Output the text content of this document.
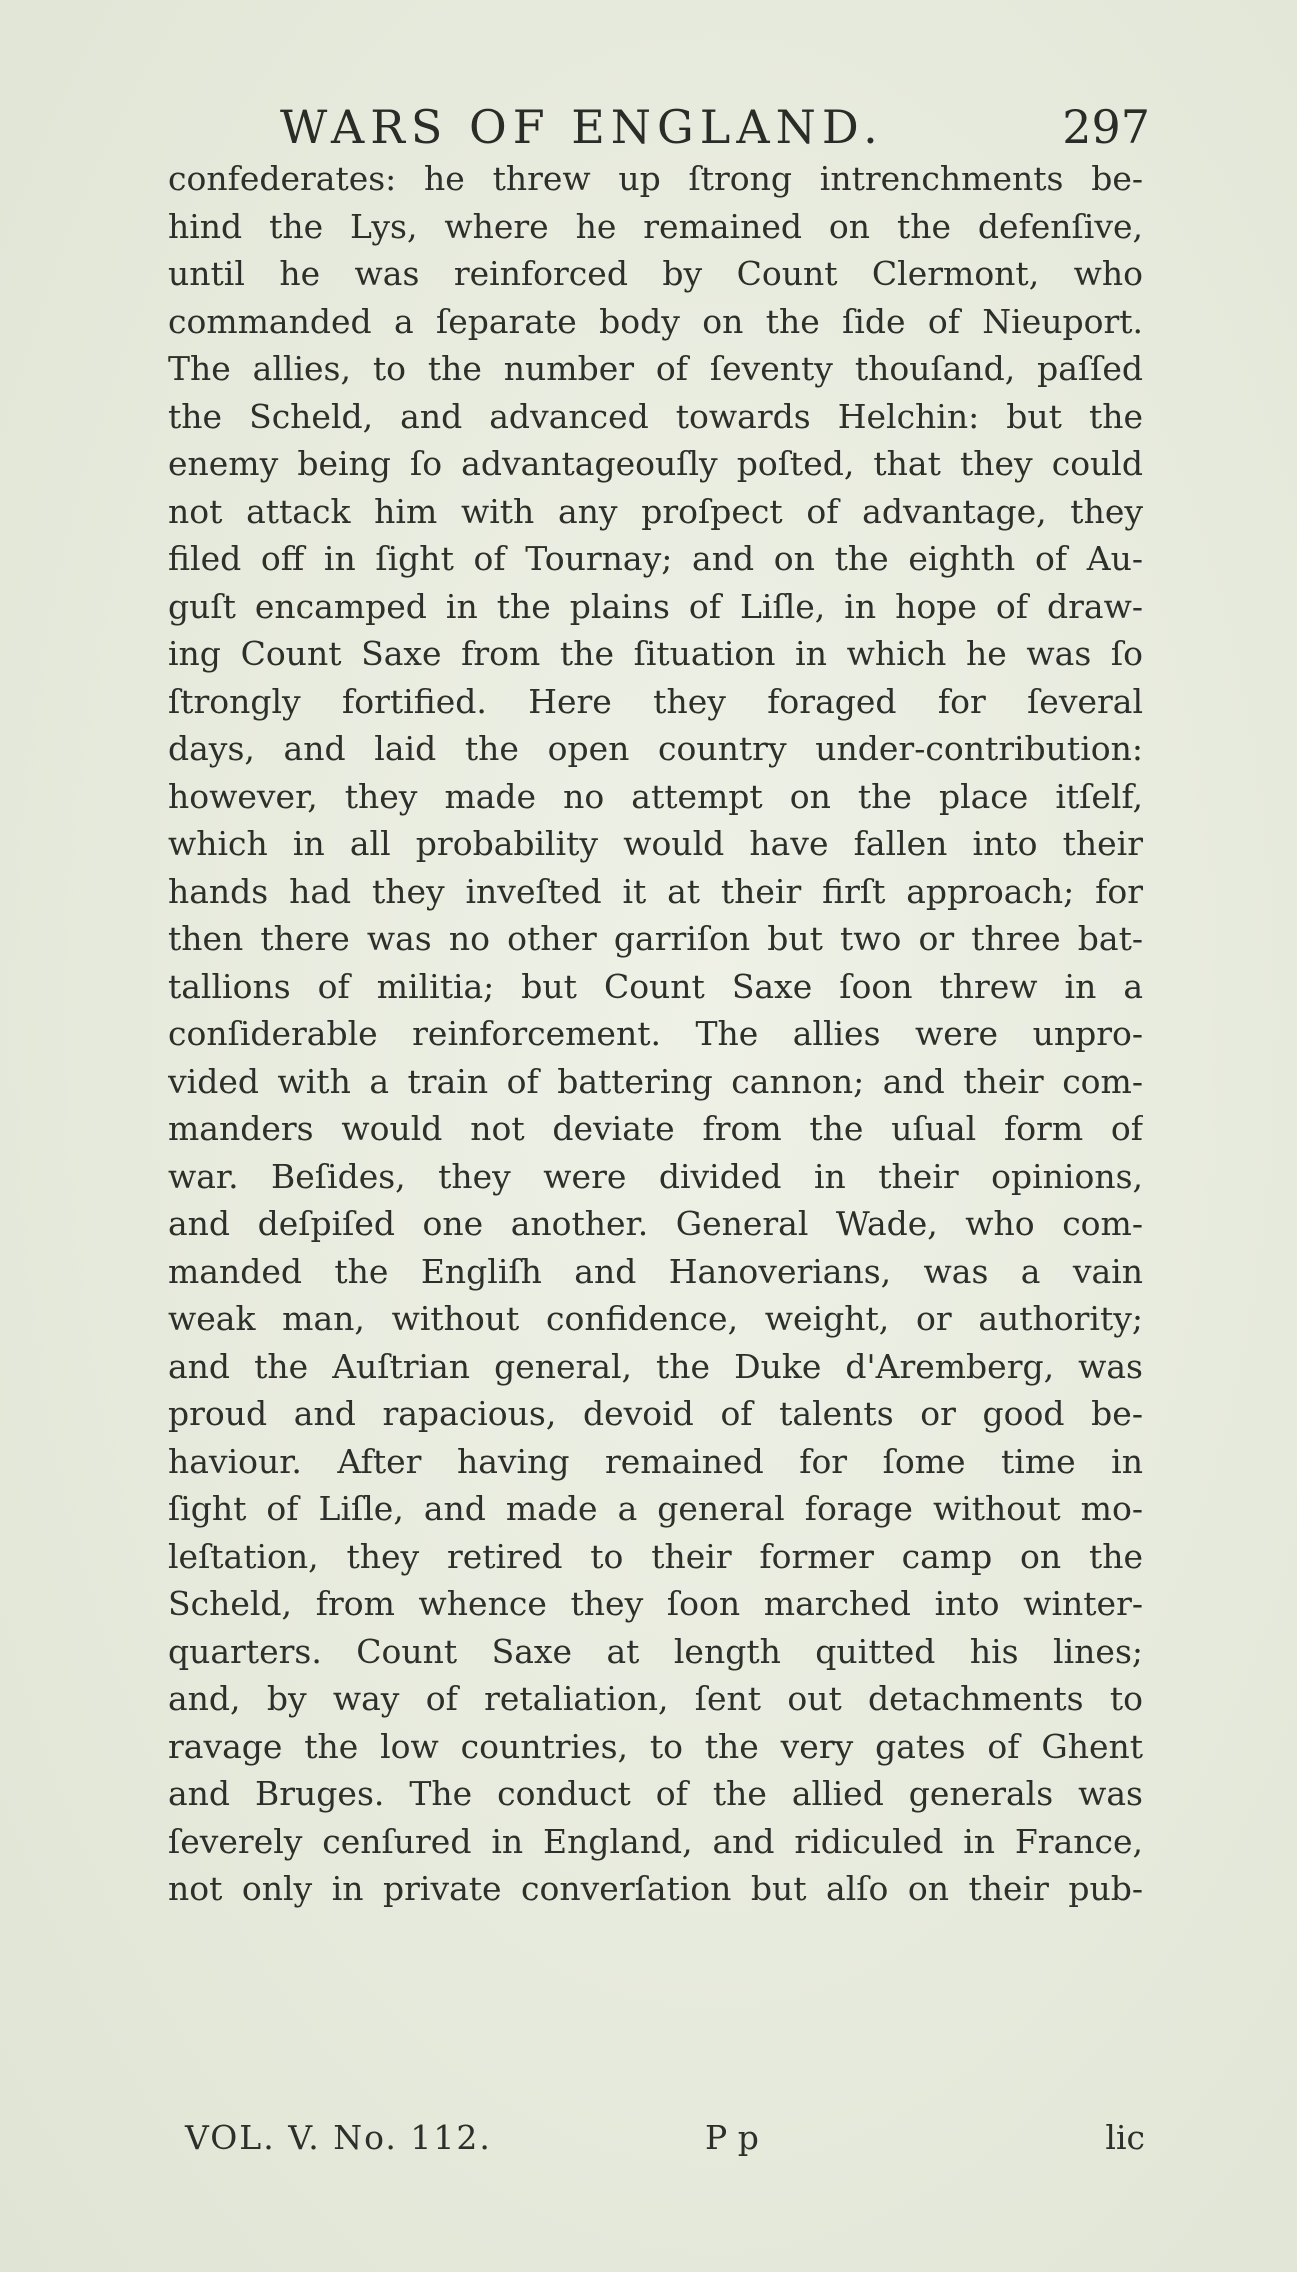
WARS OF ENGLAND.	297
confederates: he threw up ſtrong intrenchments be-
hind the Lys, where he remained on the defenſive,
until he was reinforced by Count Clermont, who
commanded a ſeparate body on the ſide of Nieuport.
The allies, to the number of ſeventy thouſand, paſſed
the Scheld, and advanced towards Helchin: but the
enemy being ſo advantageouſly poſted, that they could
not attack him with any proſpect of advantage, they
filed off in ſight of Tournay; and on the eighth of Au-
guſt encamped in the plains of Liſle, in hope of draw-
ing Count Saxe from the ſituation in which he was ſo
ſtrongly fortified. Here they foraged for ſeveral
days, and laid the open country under-contribution:
however, they made no attempt on the place itſelf,
which in all probability would have fallen into their
hands had they inveſted it at their firſt approach; for
then there was no other garriſon but two or three bat-
tallions of militia; but Count Saxe ſoon threw in a
conſiderable reinforcement. The allies were unpro-
vided with a train of battering cannon; and their com-
manders would not deviate from the uſual form of
war. Beſides, they were divided in their opinions,
and deſpiſed one another. General Wade, who com-
manded the Engliſh and Hanoverians, was a vain
weak man, without confidence, weight, or authority;
and the Auſtrian general, the Duke d'Aremberg, was
proud and rapacious, devoid of talents or good be-
haviour. After having remained for ſome time in
ſight of Liſle, and made a general forage without mo-
leſtation, they retired to their former camp on the
Scheld, from whence they ſoon marched into winter-
quarters. Count Saxe at length quitted his lines;
and, by way of retaliation, ſent out detachments to
ravage the low countries, to the very gates of Ghent
and Bruges. The conduct of the allied generals was
ſeverely cenſured in England, and ridiculed in France,
not only in private converſation but alſo on their pub-
VOL. V. No. 112.	P p	lic
